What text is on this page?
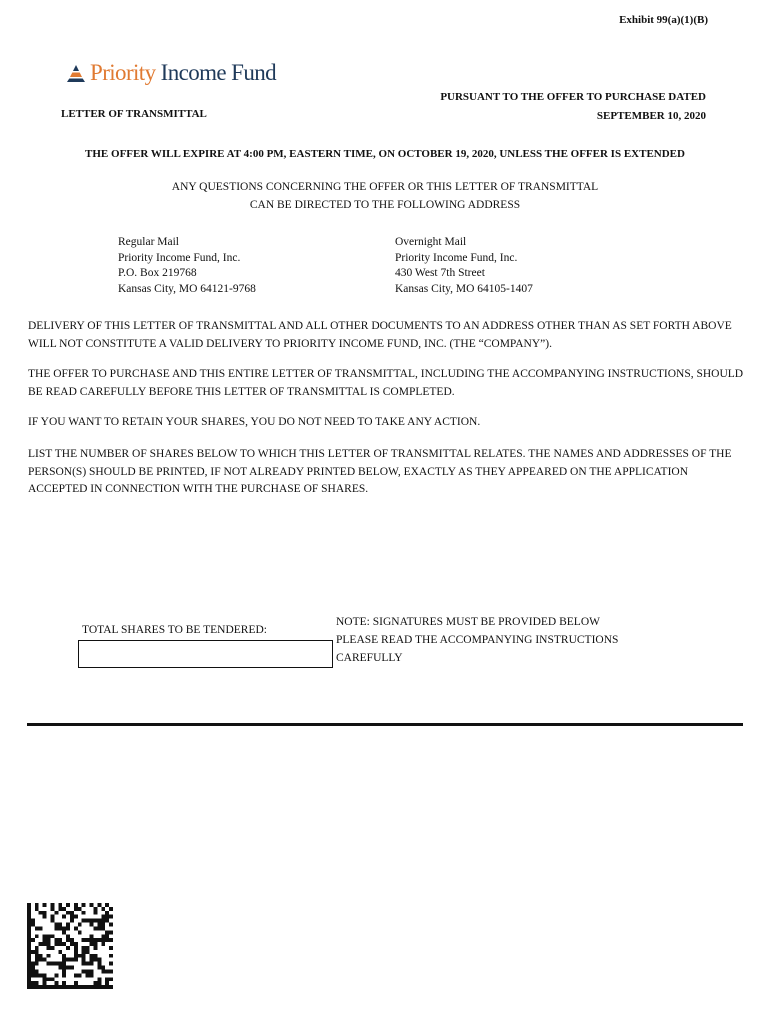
Exhibit 99(a)(1)(B)
Priority Income Fund
LETTER OF TRANSMITTAL
PURSUANT TO THE OFFER TO PURCHASE DATED
SEPTEMBER 10, 2020
THE OFFER WILL EXPIRE AT 4:00 PM, EASTERN TIME, ON OCTOBER 19, 2020, UNLESS THE OFFER IS EXTENDED
ANY QUESTIONS CONCERNING THE OFFER OR THIS LETTER OF TRANSMITTAL
CAN BE DIRECTED TO THE FOLLOWING ADDRESS
Regular Mail
Priority Income Fund, Inc.
P.O. Box 219768
Kansas City, MO 64121-9768
Overnight Mail
Priority Income Fund, Inc.
430 West 7th Street
Kansas City, MO 64105-1407
DELIVERY OF THIS LETTER OF TRANSMITTAL AND ALL OTHER DOCUMENTS TO AN ADDRESS OTHER THAN AS SET FORTH ABOVE WILL NOT CONSTITUTE A VALID DELIVERY TO PRIORITY INCOME FUND, INC. (THE “COMPANY”).
THE OFFER TO PURCHASE AND THIS ENTIRE LETTER OF TRANSMITTAL, INCLUDING THE ACCOMPANYING INSTRUCTIONS, SHOULD BE READ CAREFULLY BEFORE THIS LETTER OF TRANSMITTAL IS COMPLETED.
IF YOU WANT TO RETAIN YOUR SHARES, YOU DO NOT NEED TO TAKE ANY ACTION.
LIST THE NUMBER OF SHARES BELOW TO WHICH THIS LETTER OF TRANSMITTAL RELATES. THE NAMES AND ADDRESSES OF THE PERSON(S) SHOULD BE PRINTED, IF NOT ALREADY PRINTED BELOW, EXACTLY AS THEY APPEARED ON THE APPLICATION ACCEPTED IN CONNECTION WITH THE PURCHASE OF SHARES.
TOTAL SHARES TO BE TENDERED:
NOTE: SIGNATURES MUST BE PROVIDED BELOW
PLEASE READ THE ACCOMPANYING INSTRUCTIONS
CAREFULLY
